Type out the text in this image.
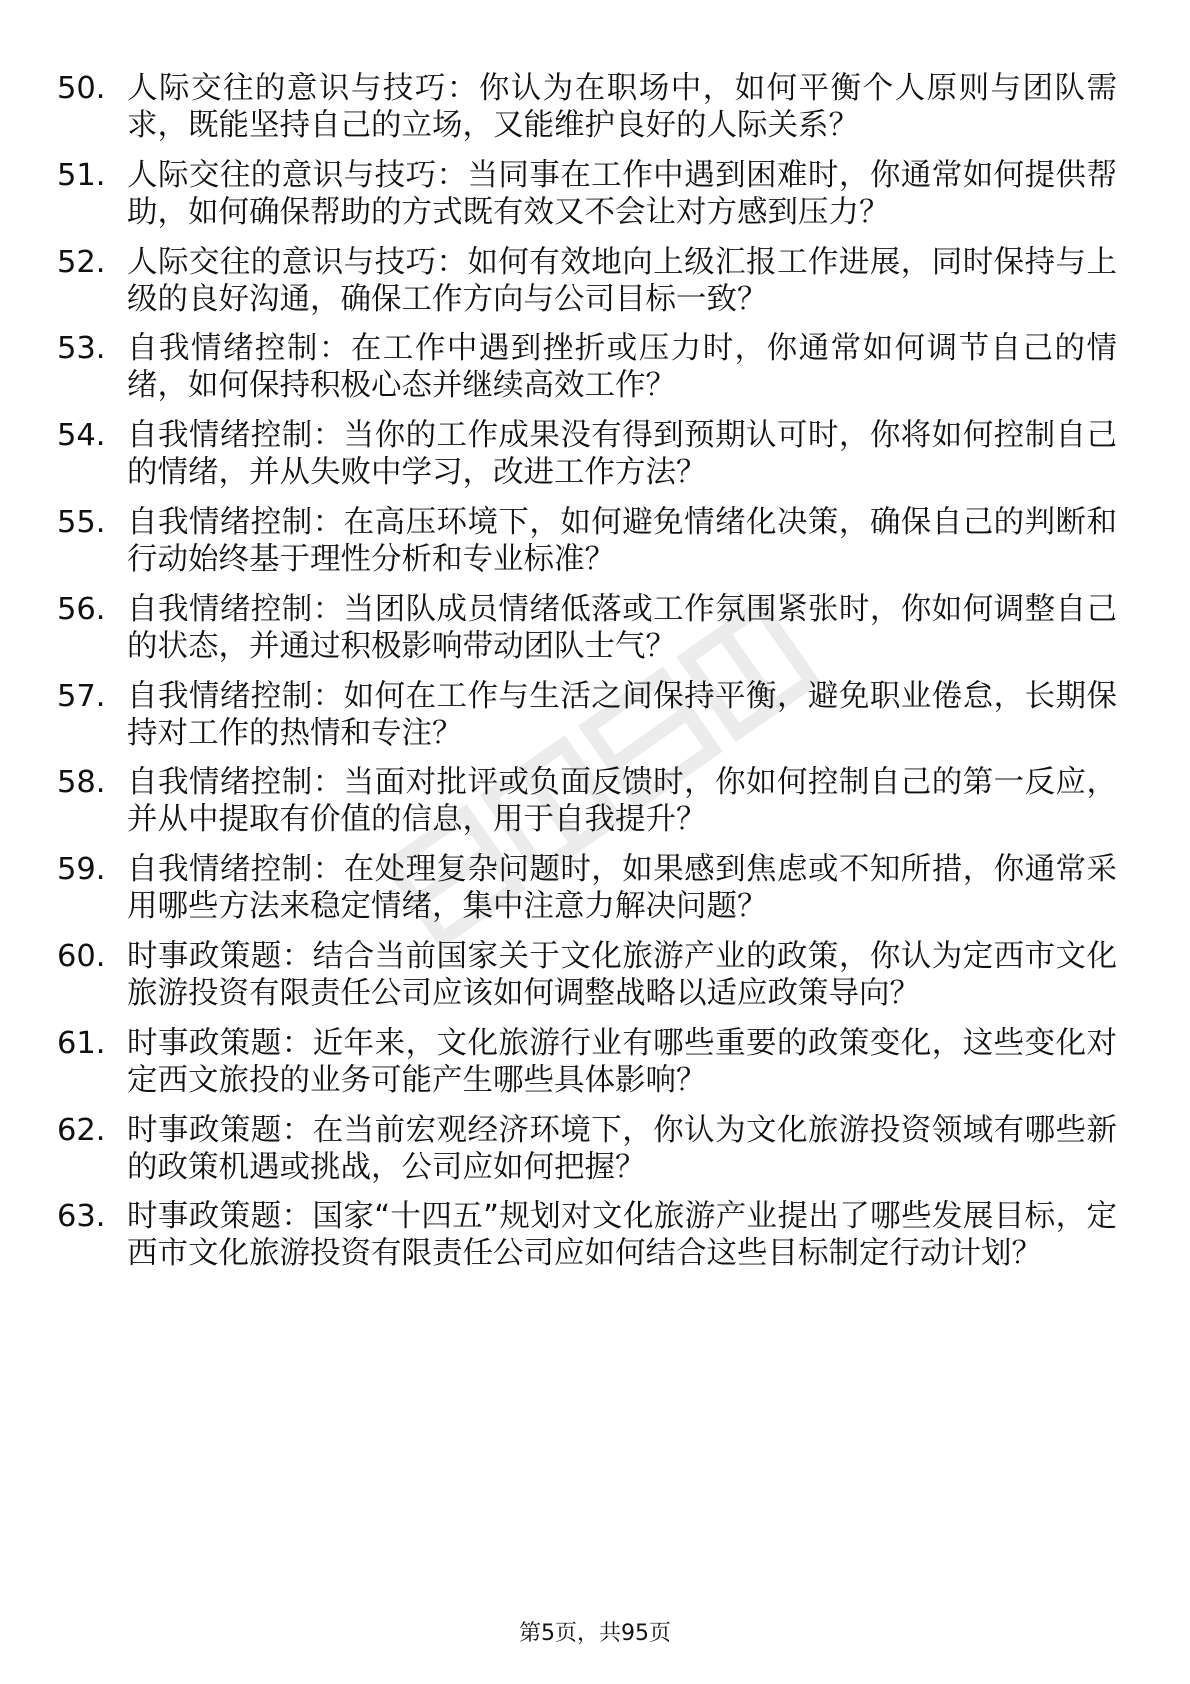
50. 人际交往的意识与技巧：你认为在职场中，如何平衡个人原则与团队需求，既能坚持自己的立场，又能维护良好的人际关系？
51. 人际交往的意识与技巧：当同事在工作中遇到困难时，你通常如何提供帮助，如何确保帮助的方式既有效又不会让对方感到压力？
52. 人际交往的意识与技巧：如何有效地向上级汇报工作进展，同时保持与上级的良好沟通，确保工作方向与公司目标一致？
53. 自我情绪控制：在工作中遇到挫折或压力时，你通常如何调节自己的情绪，如何保持积极心态并继续高效工作？
54. 自我情绪控制：当你的工作成果没有得到预期认可时，你将如何控制自己的情绪，并从失败中学习，改进工作方法？
55. 自我情绪控制：在高压环境下，如何避免情绪化决策，确保自己的判断和行动始终基于理性分析和专业标准？
56. 自我情绪控制：当团队成员情绪低落或工作氛围紧张时，你如何调整自己的状态，并通过积极影响带动团队士气？
57. 自我情绪控制：如何在工作与生活之间保持平衡，避免职业倦怠，长期保持对工作的热情和专注？
58. 自我情绪控制：当面对批评或负面反馈时，你如何控制自己的第一反应，并从中提取有价值的信息，用于自我提升？
59. 自我情绪控制：在处理复杂问题时，如果感到焦虑或不知所措，你通常采用哪些方法来稳定情绪，集中注意力解决问题？
60. 时事政策题：结合当前国家关于文化旅游产业的政策，你认为定西市文化旅游投资有限责任公司应该如何调整战略以适应政策导向？
61. 时事政策题：近年来，文化旅游行业有哪些重要的政策变化，这些变化对定西文旅投的业务可能产生哪些具体影响？
62. 时事政策题：在当前宏观经济环境下，你认为文化旅游投资领域有哪些新的政策机遇或挑战，公司应如何把握？
63. 时事政策题：国家“十四五”规划对文化旅游产业提出了哪些发展目标，定西市文化旅游投资有限责任公司应如何结合这些目标制定行动计划？
第5页，共95页
